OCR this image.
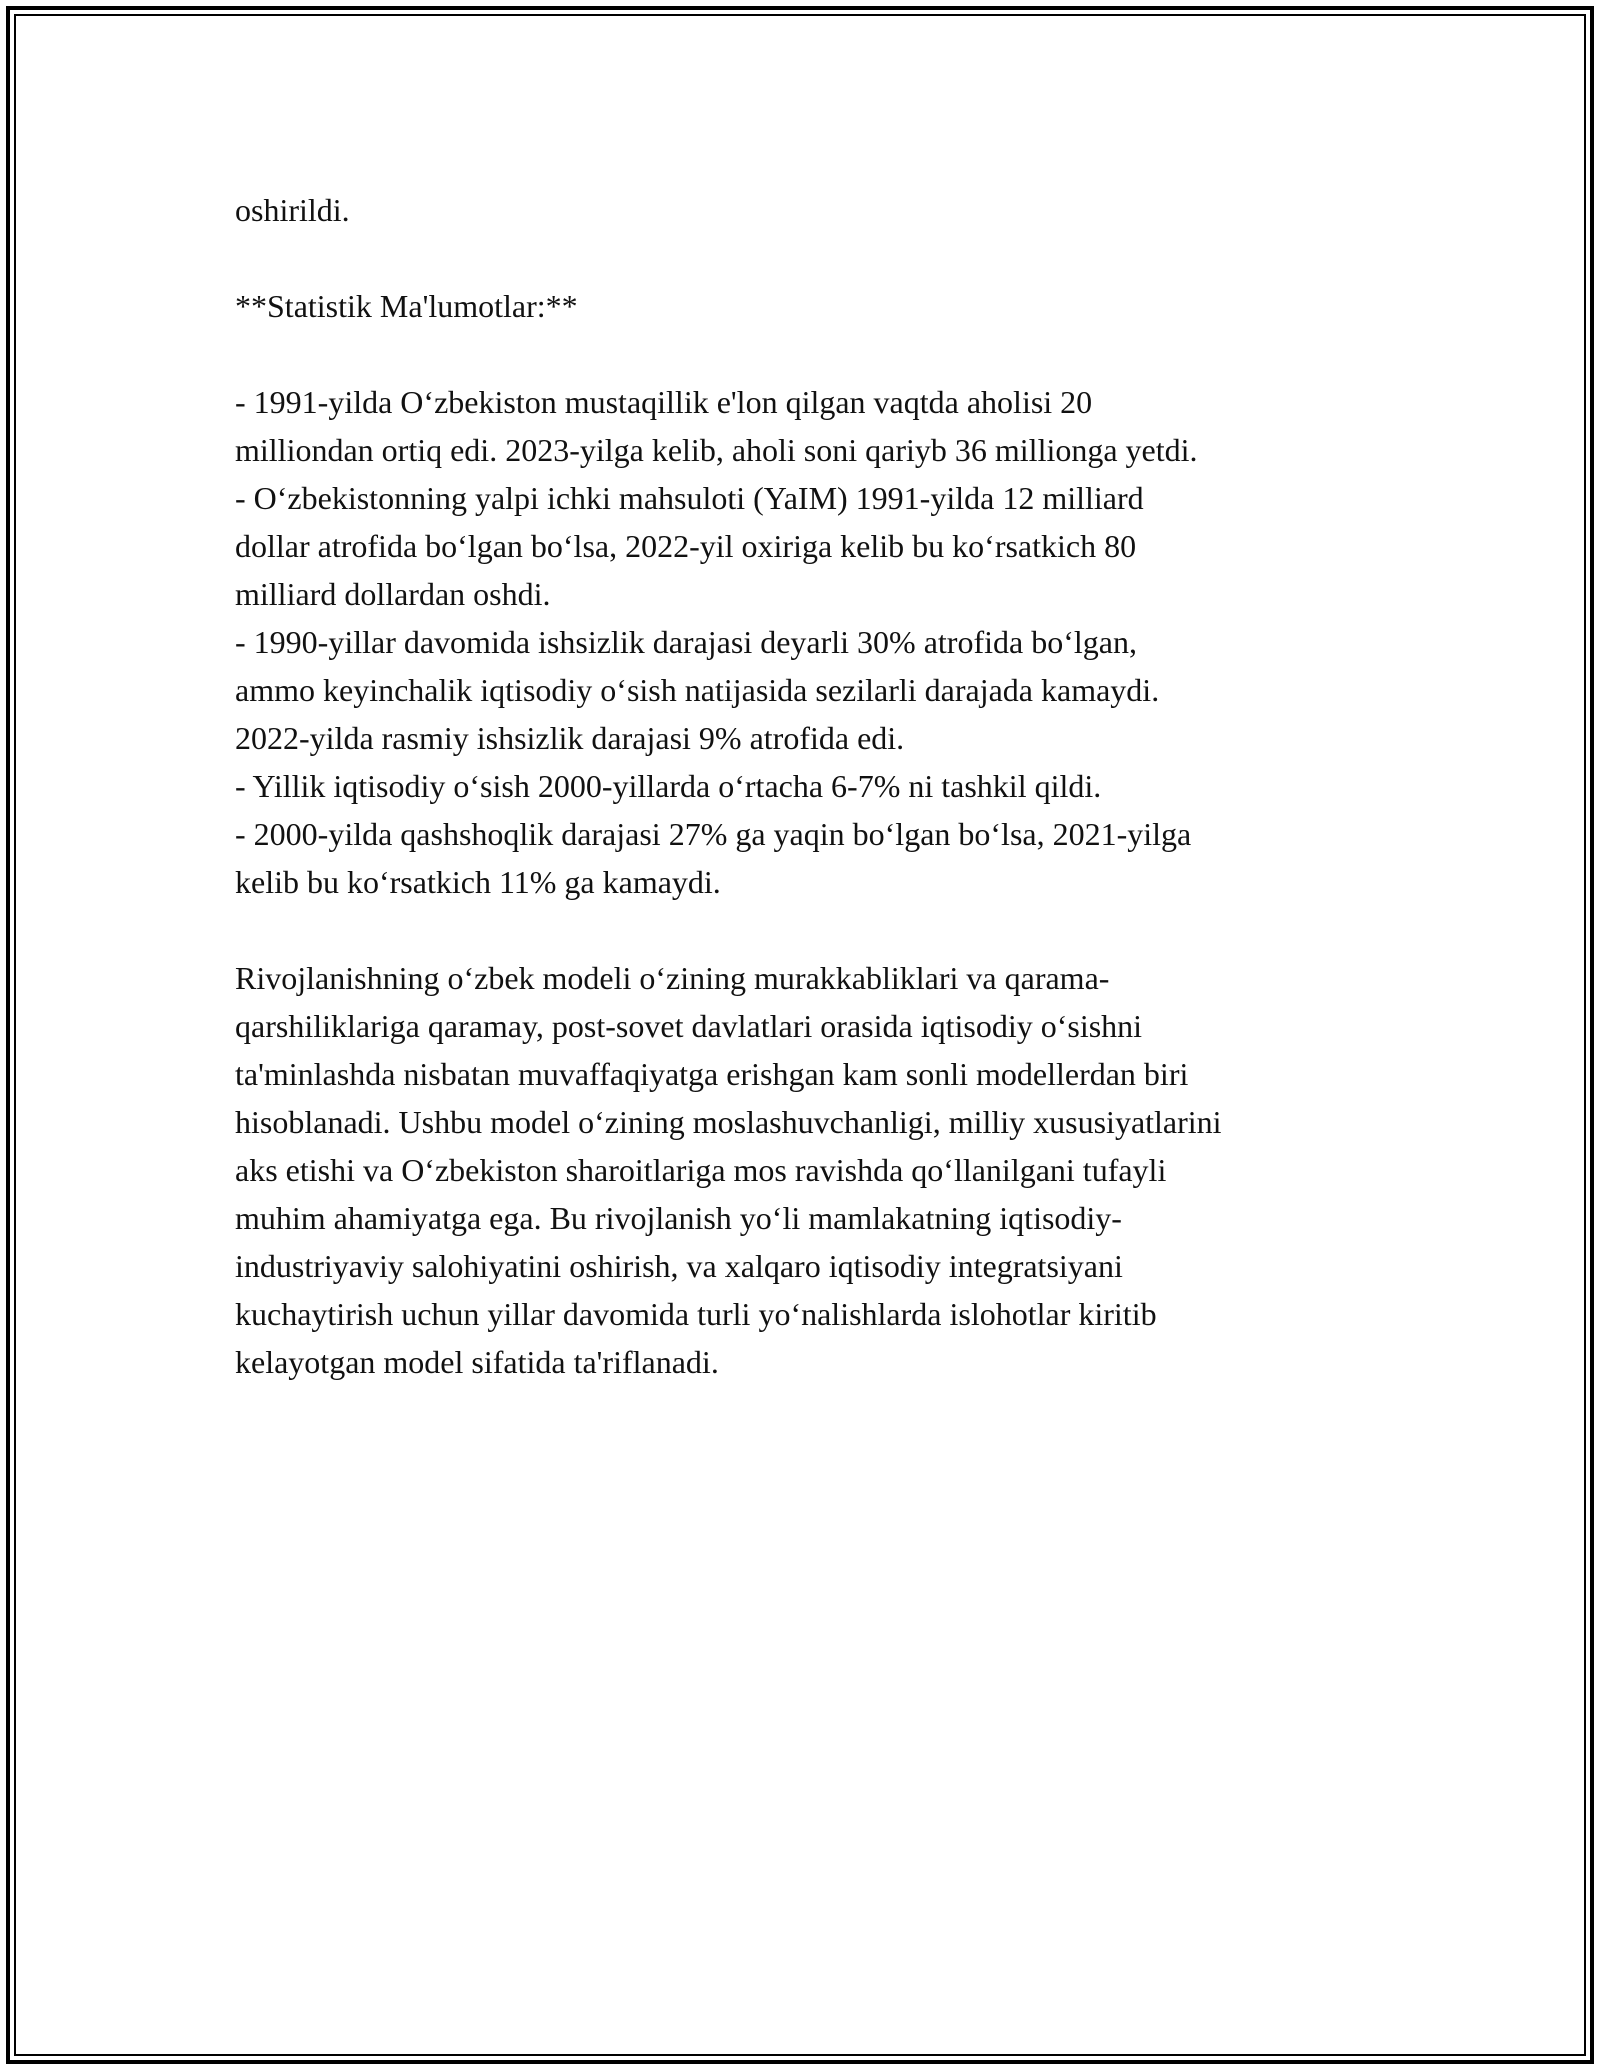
oshirildi.

**Statistik Ma'lumotlar:**

- 1991-yilda O‘zbekiston mustaqillik e'lon qilgan vaqtda aholisi 20

milliondan ortiq edi. 2023-yilga kelib, aholi soni qariyb 36 millionga yetdi.

- O‘zbekistonning yalpi ichki mahsuloti (YaIM) 1991-yilda 12 milliard

dollar atrofida bo‘lgan bo‘lsa, 2022-yil oxiriga kelib bu ko‘rsatkich 80

milliard dollardan oshdi.

- 1990-yillar davomida ishsizlik darajasi deyarli 30% atrofida bo‘lgan,

ammo keyinchalik iqtisodiy o‘sish natijasida sezilarli darajada kamaydi.

2022-yilda rasmiy ishsizlik darajasi 9% atrofida edi.

- Yillik iqtisodiy o‘sish 2000-yillarda o‘rtacha 6-7% ni tashkil qildi.

- 2000-yilda qashshoqlik darajasi 27% ga yaqin bo‘lgan bo‘lsa, 2021-yilga

kelib bu ko‘rsatkich 11% ga kamaydi.

Rivojlanishning o‘zbek modeli o‘zining murakkabliklari va qarama-

qarshiliklariga qaramay, post-sovet davlatlari orasida iqtisodiy o‘sishni

ta'minlashda nisbatan muvaffaqiyatga erishgan kam sonli modellerdan biri

hisoblanadi. Ushbu model o‘zining moslashuvchanligi, milliy xususiyatlarini

aks etishi va O‘zbekiston sharoitlariga mos ravishda qo‘llanilgani tufayli

muhim ahamiyatga ega. Bu rivojlanish yo‘li mamlakatning iqtisodiy-

industriyaviy salohiyatini oshirish, va xalqaro iqtisodiy integratsiyani

kuchaytirish uchun yillar davomida turli yo‘nalishlarda islohotlar kiritib

kelayotgan model sifatida ta'riflanadi.
